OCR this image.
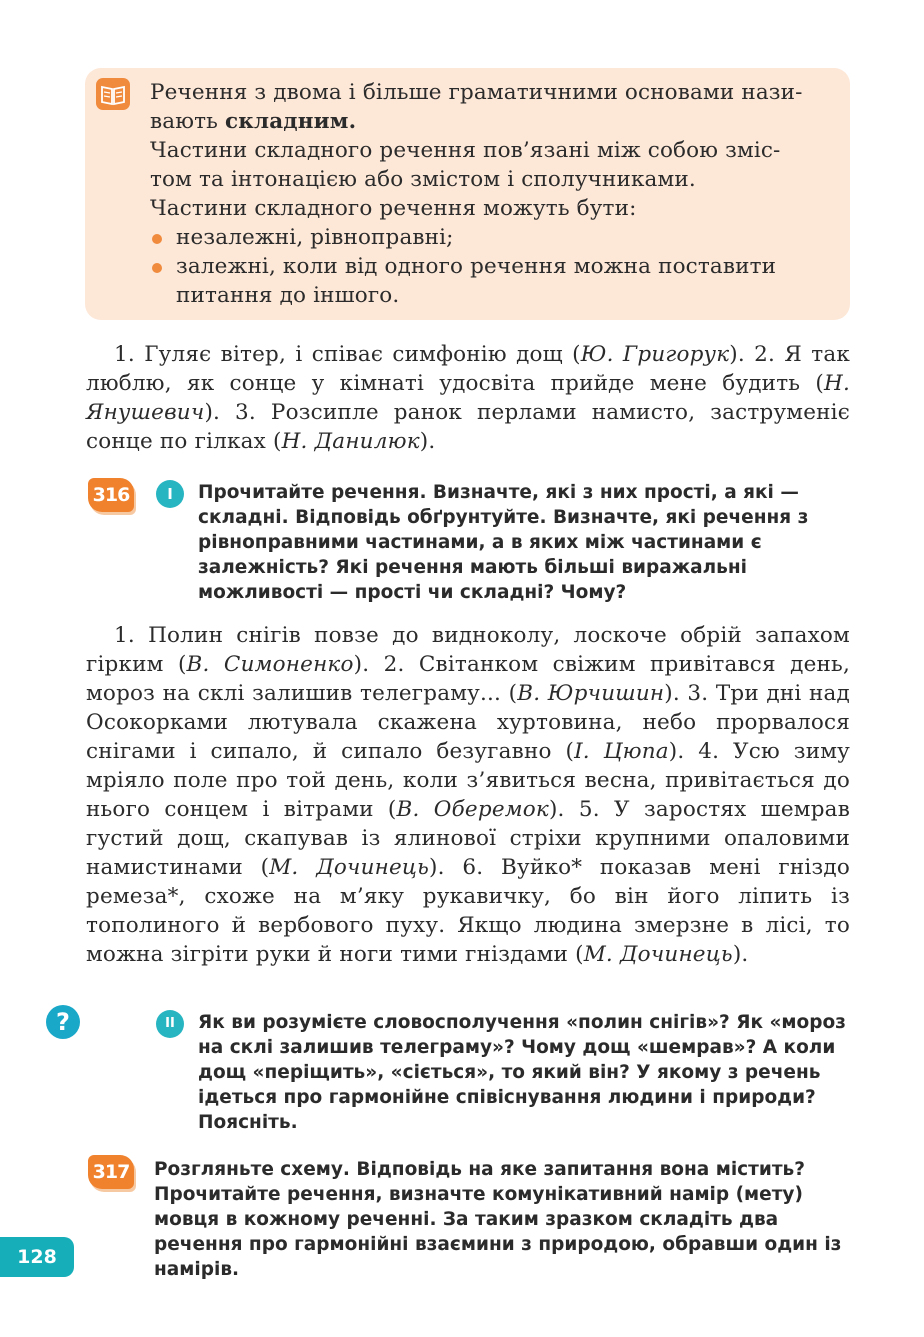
Речення з двома і більше граматичними основами нази-

вають складним.

Частини складного речення пов’язані між собою зміс-

том та інтонацією або змістом і сполучниками.

Частини складного речення можуть бути:

незалежні, рівноправні;

залежні, коли від одного речення можна поставити

питання до іншого.

1. Гуляє вітер, і співає симфонію дощ (Ю. Григорук). 2. Я так люблю, як сонце у кімнаті удосвіта прийде мене будить (Н. Янушевич). 3. Розсипле ранок перлами намисто, заструменіє сонце по гілках (Н. Данилюк).

316	I	Прочитайте речення. Визначте, які з них прості, а які — складні. Відповідь обґрунтуйте. Визначте, які речення з рівноправними частинами, а в яких між частинами є залежність? Які речення мають більші виражальні можливості — прості чи складні? Чому?

1. Полин снігів повзе до видноколу, лоскоче обрій запахом гірким (В. Симоненко). 2. Світанком свіжим привітався день, мороз на склі залишив телеграму... (В. Юрчишин). 3. Три дні над Осокорками лютувала скажена хуртовина, небо прорвалося снігами і сипало, й сипало безугавно (І. Цюпа). 4. Усю зиму мріяло поле про той день, коли з’явиться весна, привітається до нього сонцем і вітрами (В. Оберемок). 5. У заростях шемрав густий дощ, скапував із ялинової стріхи крупними опаловими намистинами (М. Дочинець). 6. Вуйко* показав мені гніздо ремеза*, схоже на м’яку рукавичку, бо він його ліпить із тополиного й вербового пуху. Якщо людина змерзне в лісі, то можна зігріти руки й ноги тими гніздами (М. Дочинець).

?	II	Як ви розумієте словосполучення «полин снігів»? Як «мороз на склі залишив телеграму»? Чому дощ «шемрав»? А коли дощ «періщить», «сіється», то який він? У якому з речень ідеться про гармонійне співіснування людини і природи? Поясніть.
317 Розгляньте схему. Відповідь на яке запитання вона містить? Прочитайте речення, визначте комунікативний намір (мету) мовця в кожному реченні. За таким зразком складіть два речення про гармонійні взаємини з природою, обравши один із намірів.
128
